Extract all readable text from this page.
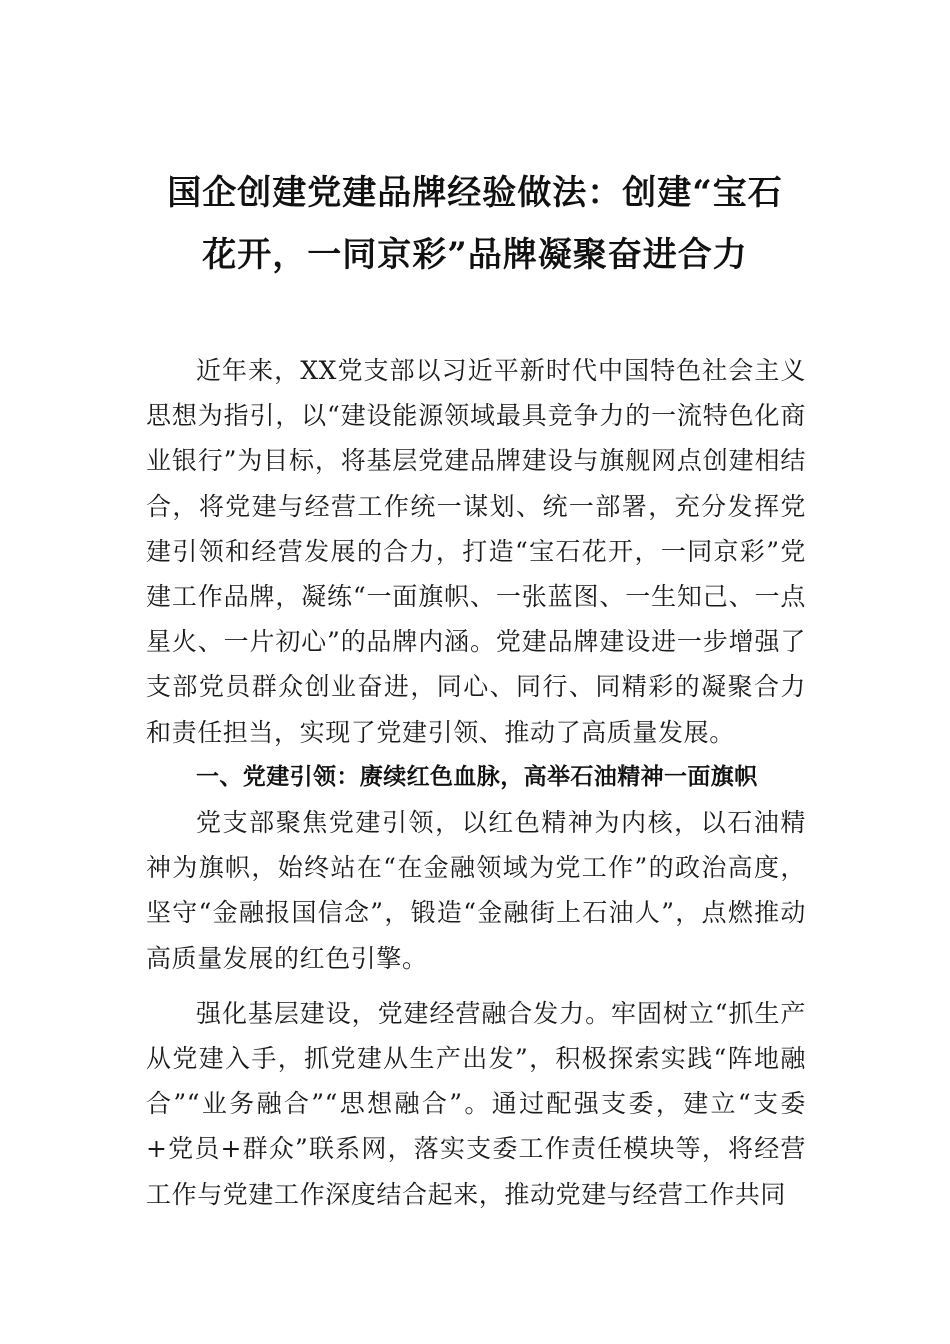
国企创建党建品牌经验做法：创建“宝石
花开，一同京彩”品牌凝聚奋进合力

近年来，XX党支部以习近平新时代中国特色社会主义思想为指引，以“建设能源领域最具竞争力的一流特色化商业银行”为目标，将基层党建品牌建设与旗舰网点创建相结合，将党建与经营工作统一谋划、统一部署，充分发挥党建引领和经营发展的合力，打造“宝石花开，一同京彩”党建工作品牌，凝练“一面旗帜、一张蓝图、一生知己、一点星火、一片初心”的品牌内涵。党建品牌建设进一步增强了支部党员群众创业奋进，同心、同行、同精彩的凝聚合力和责任担当，实现了党建引领、推动了高质量发展。

一、党建引领：赓续红色血脉，高举石油精神一面旗帜

党支部聚焦党建引领，以红色精神为内核，以石油精神为旗帜，始终站在“在金融领域为党工作”的政治高度，坚守“金融报国信念”，锻造“金融街上石油人”，点燃推动高质量发展的红色引擎。

强化基层建设，党建经营融合发力。牢固树立“抓生产从党建入手，抓党建从生产出发”，积极探索实践“阵地融合”“业务融合”“思想融合”。通过配强支委，建立“支委+党员+群众”联系网，落实支委工作责任模块等，将经营工作与党建工作深度结合起来，推动党建与经营工作共同
